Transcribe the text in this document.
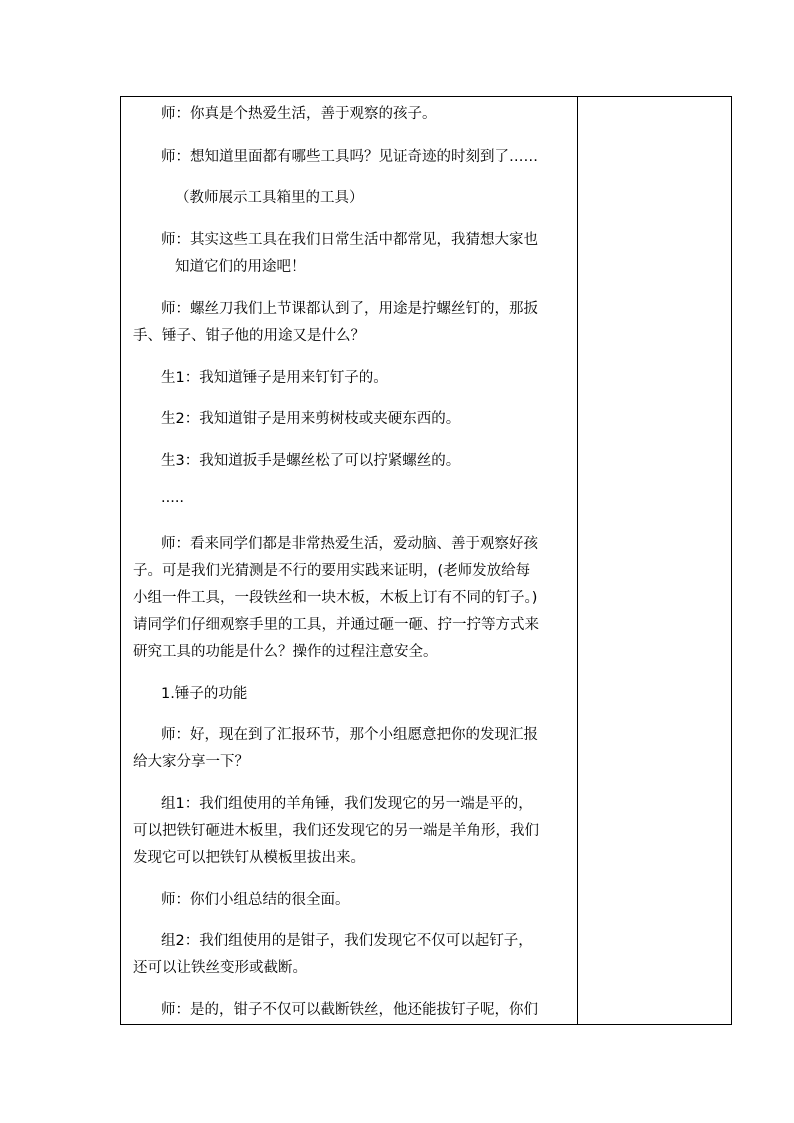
师：你真是个热爱生活，善于观察的孩子。
师：想知道里面都有哪些工具吗？见证奇迹的时刻到了……
（教师展示工具箱里的工具）
师：其实这些工具在我们日常生活中都常见，我猜想大家也
知道它们的用途吧！
师：螺丝刀我们上节课都认到了，用途是拧螺丝钉的，那扳
手、锤子、钳子他的用途又是什么？
生1：我知道锤子是用来钉钉子的。
生2：我知道钳子是用来剪树枝或夹硬东西的。
生3：我知道扳手是螺丝松了可以拧紧螺丝的。
·····
师：看来同学们都是非常热爱生活，爱动脑、善于观察好孩
子。可是我们光猜测是不行的要用实践来证明，(老师发放给每
小组一件工具，一段铁丝和一块木板，木板上订有不同的钉子。)
请同学们仔细观察手里的工具，并通过砸一砸、拧一拧等方式来
研究工具的功能是什么？操作的过程注意安全。
1.锤子的功能
师：好，现在到了汇报环节，那个小组愿意把你的发现汇报
给大家分享一下？
组1：我们组使用的羊角锤，我们发现它的另一端是平的，
可以把铁钉砸进木板里，我们还发现它的另一端是羊角形，我们
发现它可以把铁钉从模板里拔出来。
师：你们小组总结的很全面。
组2：我们组使用的是钳子，我们发现它不仅可以起钉子，
还可以让铁丝变形或截断。
师：是的，钳子不仅可以截断铁丝，他还能拔钉子呢，你们
